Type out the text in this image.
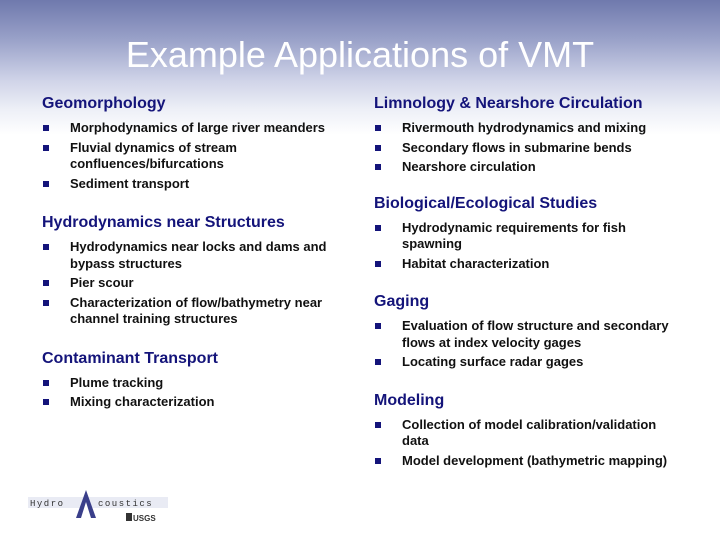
Example Applications of VMT

Geomorphology

Morphodynamics of large river meanders
Fluvial dynamics of stream confluences/bifurcations
Sediment transport

Hydrodynamics near Structures

Hydrodynamics near locks and dams and bypass structures
Pier scour
Characterization of flow/bathymetry near channel training structures

Contaminant Transport

Plume tracking
Mixing characterization

Limnology & Nearshore Circulation

Rivermouth hydrodynamics and mixing
Secondary flows in submarine bends
Nearshore circulation

Biological/Ecological Studies

Hydrodynamic requirements for fish spawning
Habitat characterization

Gaging

Evaluation of flow structure and secondary flows at index velocity gages
Locating surface radar gages

Modeling

Collection of model calibration/validation data
Model development (bathymetric mapping)
Hydro	coustics
USGS
